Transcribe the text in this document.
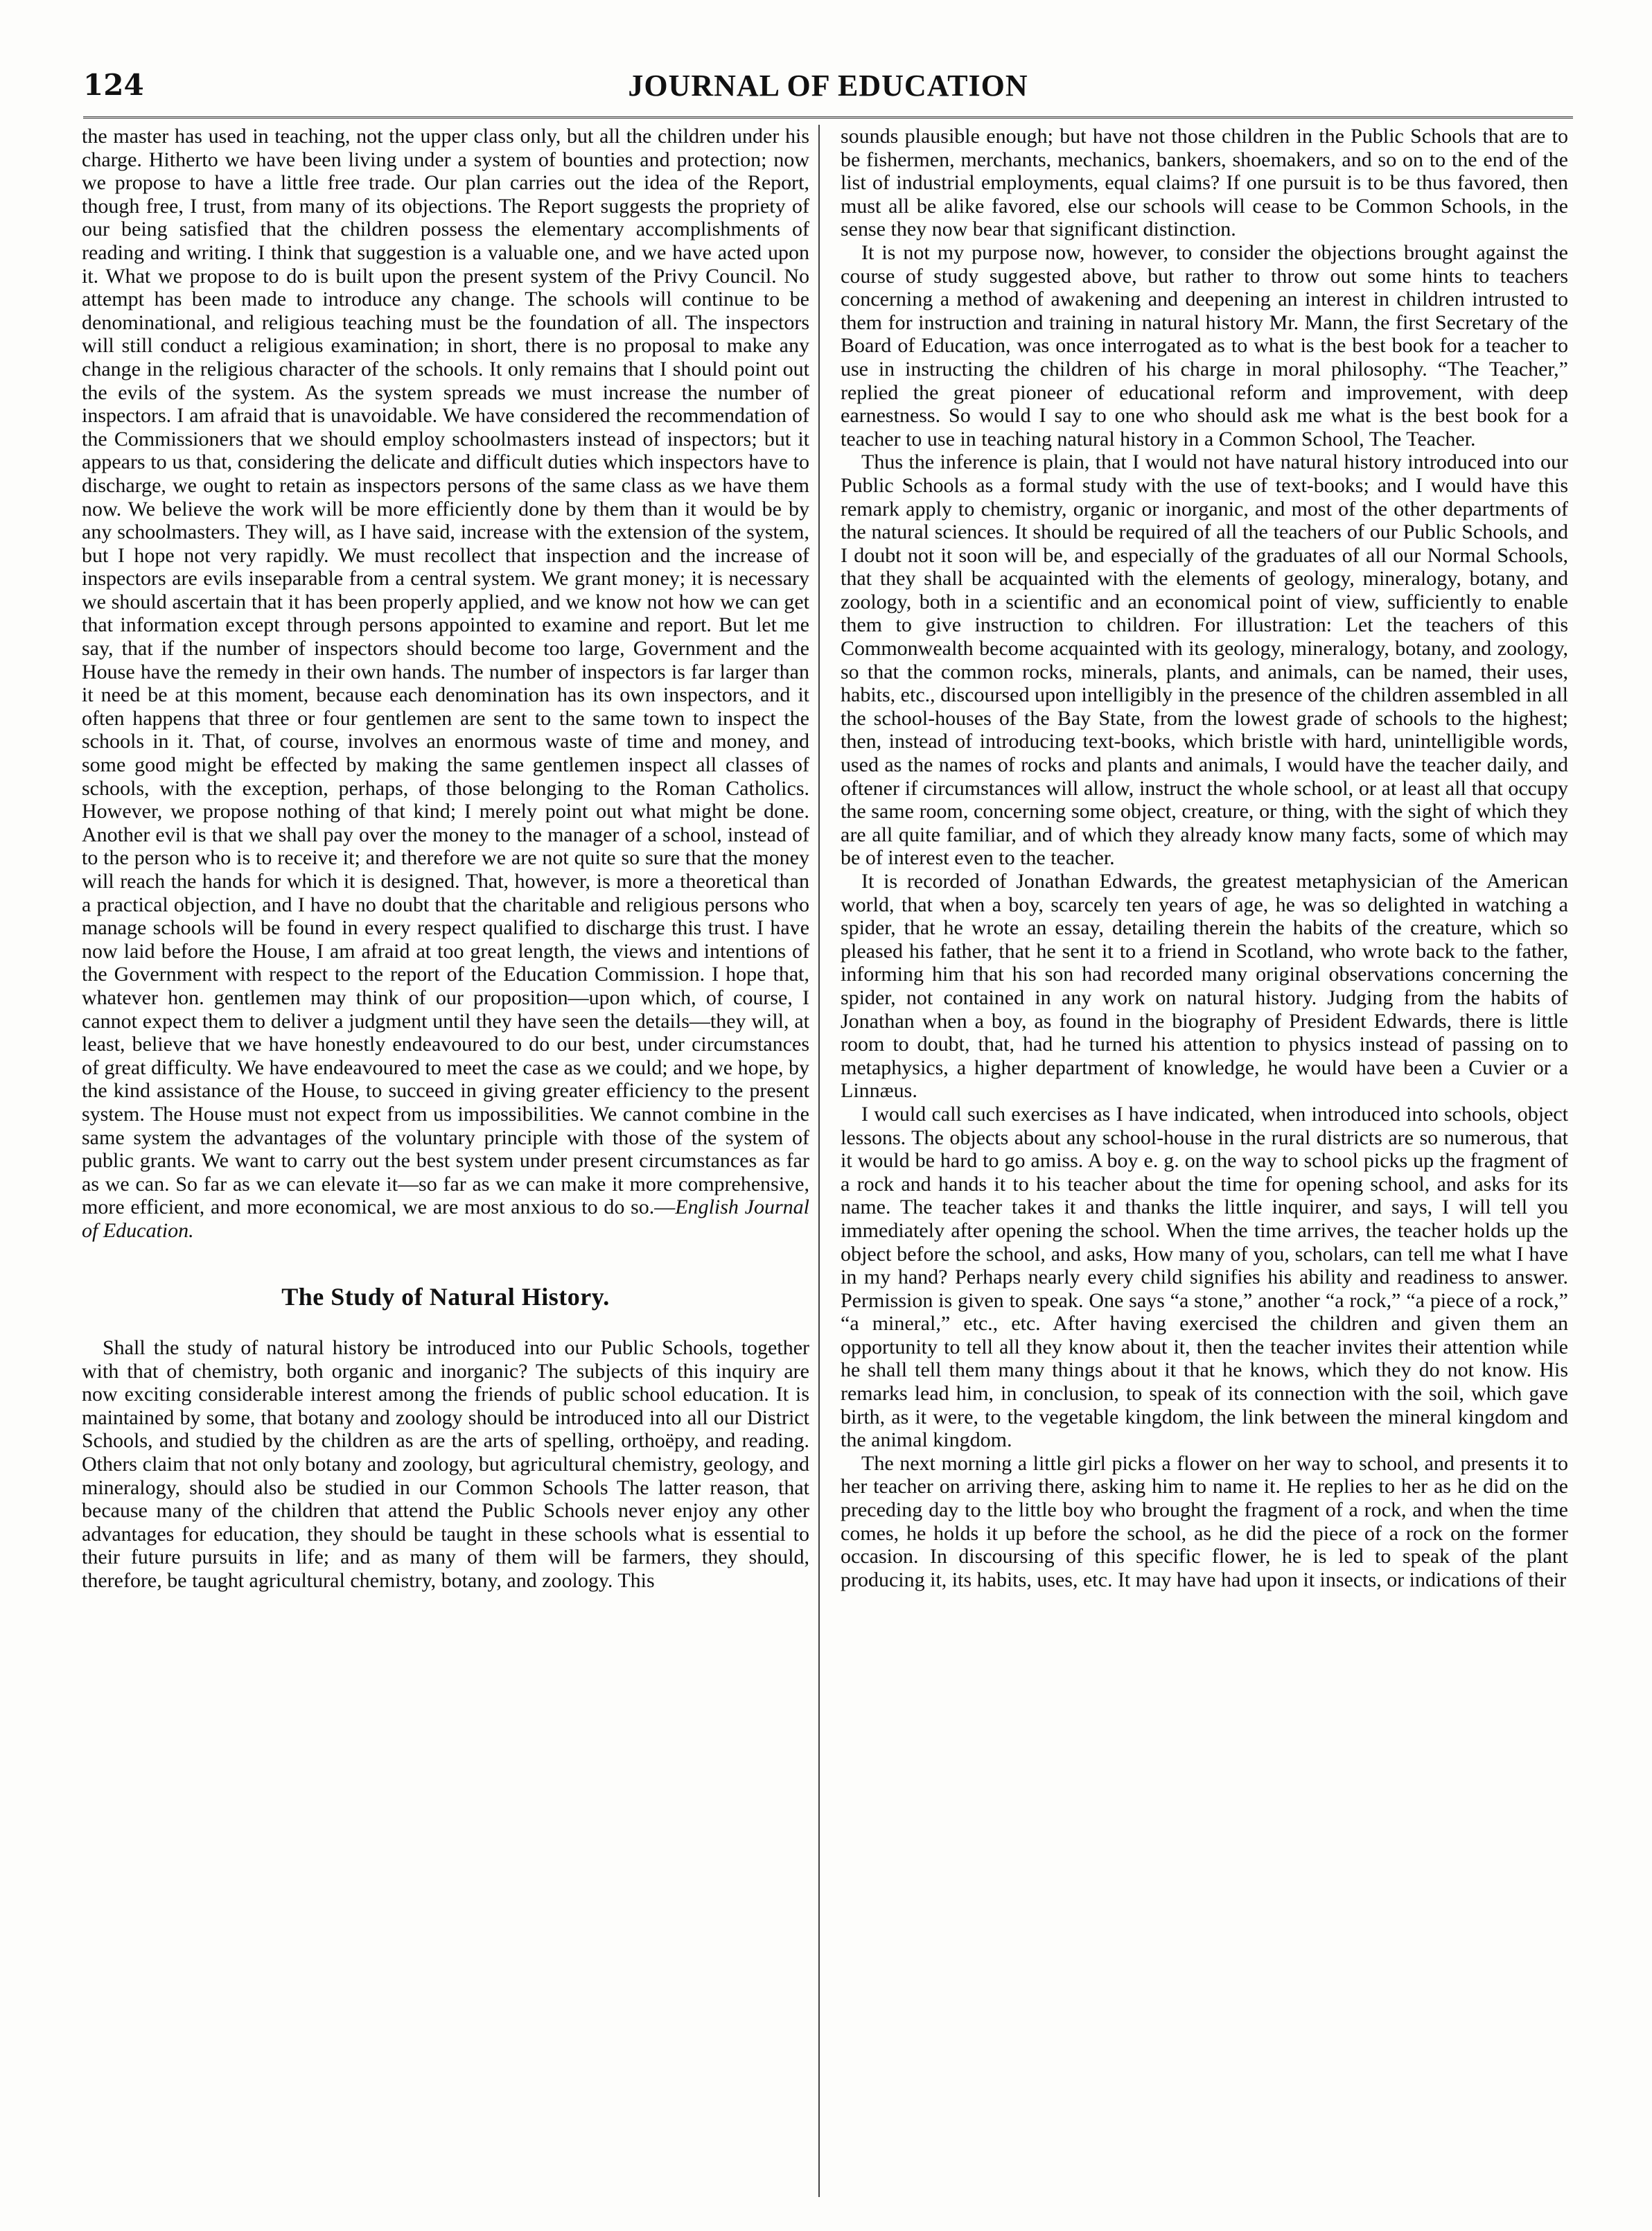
124	JOURNAL OF EDUCATION

the master has used in teaching, not the upper class only, but all the children under his charge. Hitherto we have been living under a system of bounties and protection; now we propose to have a little free trade. Our plan carries out the idea of the Report, though free, I trust, from many of its objections. The Report suggests the propriety of our being satisfied that the children possess the elementary accomplishments of reading and writing. I think that suggestion is a valuable one, and we have acted upon it. What we propose to do is built upon the present system of the Privy Council. No attempt has been made to introduce any change. The schools will continue to be denominational, and religious teaching must be the foundation of all. The inspectors will still conduct a religious examination; in short, there is no proposal to make any change in the religious character of the schools. It only remains that I should point out the evils of the system. As the system spreads we must increase the number of inspectors. I am afraid that is unavoidable. We have considered the recommendation of the Commissioners that we should employ schoolmasters instead of inspectors; but it appears to us that, considering the delicate and difficult duties which inspectors have to discharge, we ought to retain as inspectors persons of the same class as we have them now. We believe the work will be more efficiently done by them than it would be by any schoolmasters. They will, as I have said, increase with the extension of the system, but I hope not very rapidly. We must recollect that inspection and the increase of inspectors are evils inseparable from a central system. We grant money; it is necessary we should ascertain that it has been properly applied, and we know not how we can get that information except through persons appointed to examine and report. But let me say, that if the number of inspectors should become too large, Government and the House have the remedy in their own hands. The number of inspectors is far larger than it need be at this moment, because each denomination has its own inspectors, and it often happens that three or four gentlemen are sent to the same town to inspect the schools in it. That, of course, involves an enormous waste of time and money, and some good might be effected by making the same gentlemen inspect all classes of schools, with the exception, perhaps, of those belonging to the Roman Catholics. However, we propose nothing of that kind; I merely point out what might be done. Another evil is that we shall pay over the money to the manager of a school, instead of to the person who is to receive it; and therefore we are not quite so sure that the money will reach the hands for which it is designed. That, however, is more a theoretical than a practical objection, and I have no doubt that the charitable and religious persons who manage schools will be found in every respect qualified to discharge this trust. I have now laid before the House, I am afraid at too great length, the views and intentions of the Government with respect to the report of the Education Commission. I hope that, whatever hon. gentlemen may think of our proposition—upon which, of course, I cannot expect them to deliver a judgment until they have seen the details—they will, at least, believe that we have honestly endeavoured to do our best, under circumstances of great difficulty. We have endeavoured to meet the case as we could; and we hope, by the kind assistance of the House, to succeed in giving greater efficiency to the present system. The House must not expect from us impossibilities. We cannot combine in the same system the advantages of the voluntary principle with those of the system of public grants. We want to carry out the best system under present circumstances as far as we can. So far as we can elevate it—so far as we can make it more comprehensive, more efficient, and more economical, we are most anxious to do so.—English Journal of Education.

The Study of Natural History.

Shall the study of natural history be introduced into our Public Schools, together with that of chemistry, both organic and inorganic? The subjects of this inquiry are now exciting considerable interest among the friends of public school education. It is maintained by some, that botany and zoology should be introduced into all our District Schools, and studied by the children as are the arts of spelling, orthoëpy, and reading. Others claim that not only botany and zoology, but agricultural chemistry, geology, and mineralogy, should also be studied in our Common Schools The latter reason, that because many of the children that attend the Public Schools never enjoy any other advantages for education, they should be taught in these schools what is essential to their future pursuits in life; and as many of them will be farmers, they should, therefore, be taught agricultural chemistry, botany, and zoology. This

sounds plausible enough; but have not those children in the Public Schools that are to be fishermen, merchants, mechanics, bankers, shoemakers, and so on to the end of the list of industrial employments, equal claims? If one pursuit is to be thus favored, then must all be alike favored, else our schools will cease to be Common Schools, in the sense they now bear that significant distinction.

It is not my purpose now, however, to consider the objections brought against the course of study suggested above, but rather to throw out some hints to teachers concerning a method of awakening and deepening an interest in children intrusted to them for instruction and training in natural history Mr. Mann, the first Secretary of the Board of Education, was once interrogated as to what is the best book for a teacher to use in instructing the children of his charge in moral philosophy. “The Teacher,” replied the great pioneer of educational reform and improvement, with deep earnestness. So would I say to one who should ask me what is the best book for a teacher to use in teaching natural history in a Common School, The Teacher.

Thus the inference is plain, that I would not have natural history introduced into our Public Schools as a formal study with the use of text-books; and I would have this remark apply to chemistry, organic or inorganic, and most of the other departments of the natural sciences. It should be required of all the teachers of our Public Schools, and I doubt not it soon will be, and especially of the graduates of all our Normal Schools, that they shall be acquainted with the elements of geology, mineralogy, botany, and zoology, both in a scientific and an economical point of view, sufficiently to enable them to give instruction to children. For illustration: Let the teachers of this Commonwealth become acquainted with its geology, mineralogy, botany, and zoology, so that the common rocks, minerals, plants, and animals, can be named, their uses, habits, etc., discoursed upon intelligibly in the presence of the children assembled in all the school-houses of the Bay State, from the lowest grade of schools to the highest; then, instead of introducing text-books, which bristle with hard, unintelligible words, used as the names of rocks and plants and animals, I would have the teacher daily, and oftener if circumstances will allow, instruct the whole school, or at least all that occupy the same room, concerning some object, creature, or thing, with the sight of which they are all quite familiar, and of which they already know many facts, some of which may be of interest even to the teacher.

It is recorded of Jonathan Edwards, the greatest metaphysician of the American world, that when a boy, scarcely ten years of age, he was so delighted in watching a spider, that he wrote an essay, detailing therein the habits of the creature, which so pleased his father, that he sent it to a friend in Scotland, who wrote back to the father, informing him that his son had recorded many original observations concerning the spider, not contained in any work on natural history. Judging from the habits of Jonathan when a boy, as found in the biography of President Edwards, there is little room to doubt, that, had he turned his attention to physics instead of passing on to metaphysics, a higher department of knowledge, he would have been a Cuvier or a Linnæus.

I would call such exercises as I have indicated, when introduced into schools, object lessons. The objects about any school-house in the rural districts are so numerous, that it would be hard to go amiss. A boy e. g. on the way to school picks up the fragment of a rock and hands it to his teacher about the time for opening school, and asks for its name. The teacher takes it and thanks the little inquirer, and says, I will tell you immediately after opening the school. When the time arrives, the teacher holds up the object before the school, and asks, How many of you, scholars, can tell me what I have in my hand? Perhaps nearly every child signifies his ability and readiness to answer. Permission is given to speak. One says “a stone,” another “a rock,” “a piece of a rock,” “a mineral,” etc., etc. After having exercised the children and given them an opportunity to tell all they know about it, then the teacher invites their attention while he shall tell them many things about it that he knows, which they do not know. His remarks lead him, in conclusion, to speak of its connection with the soil, which gave birth, as it were, to the vegetable kingdom, the link between the mineral kingdom and the animal kingdom.

The next morning a little girl picks a flower on her way to school, and presents it to her teacher on arriving there, asking him to name it. He replies to her as he did on the preceding day to the little boy who brought the fragment of a rock, and when the time comes, he holds it up before the school, as he did the piece of a rock on the former occasion. In discoursing of this specific flower, he is led to speak of the plant producing it, its habits, uses, etc. It may have had upon it insects, or indications of their
